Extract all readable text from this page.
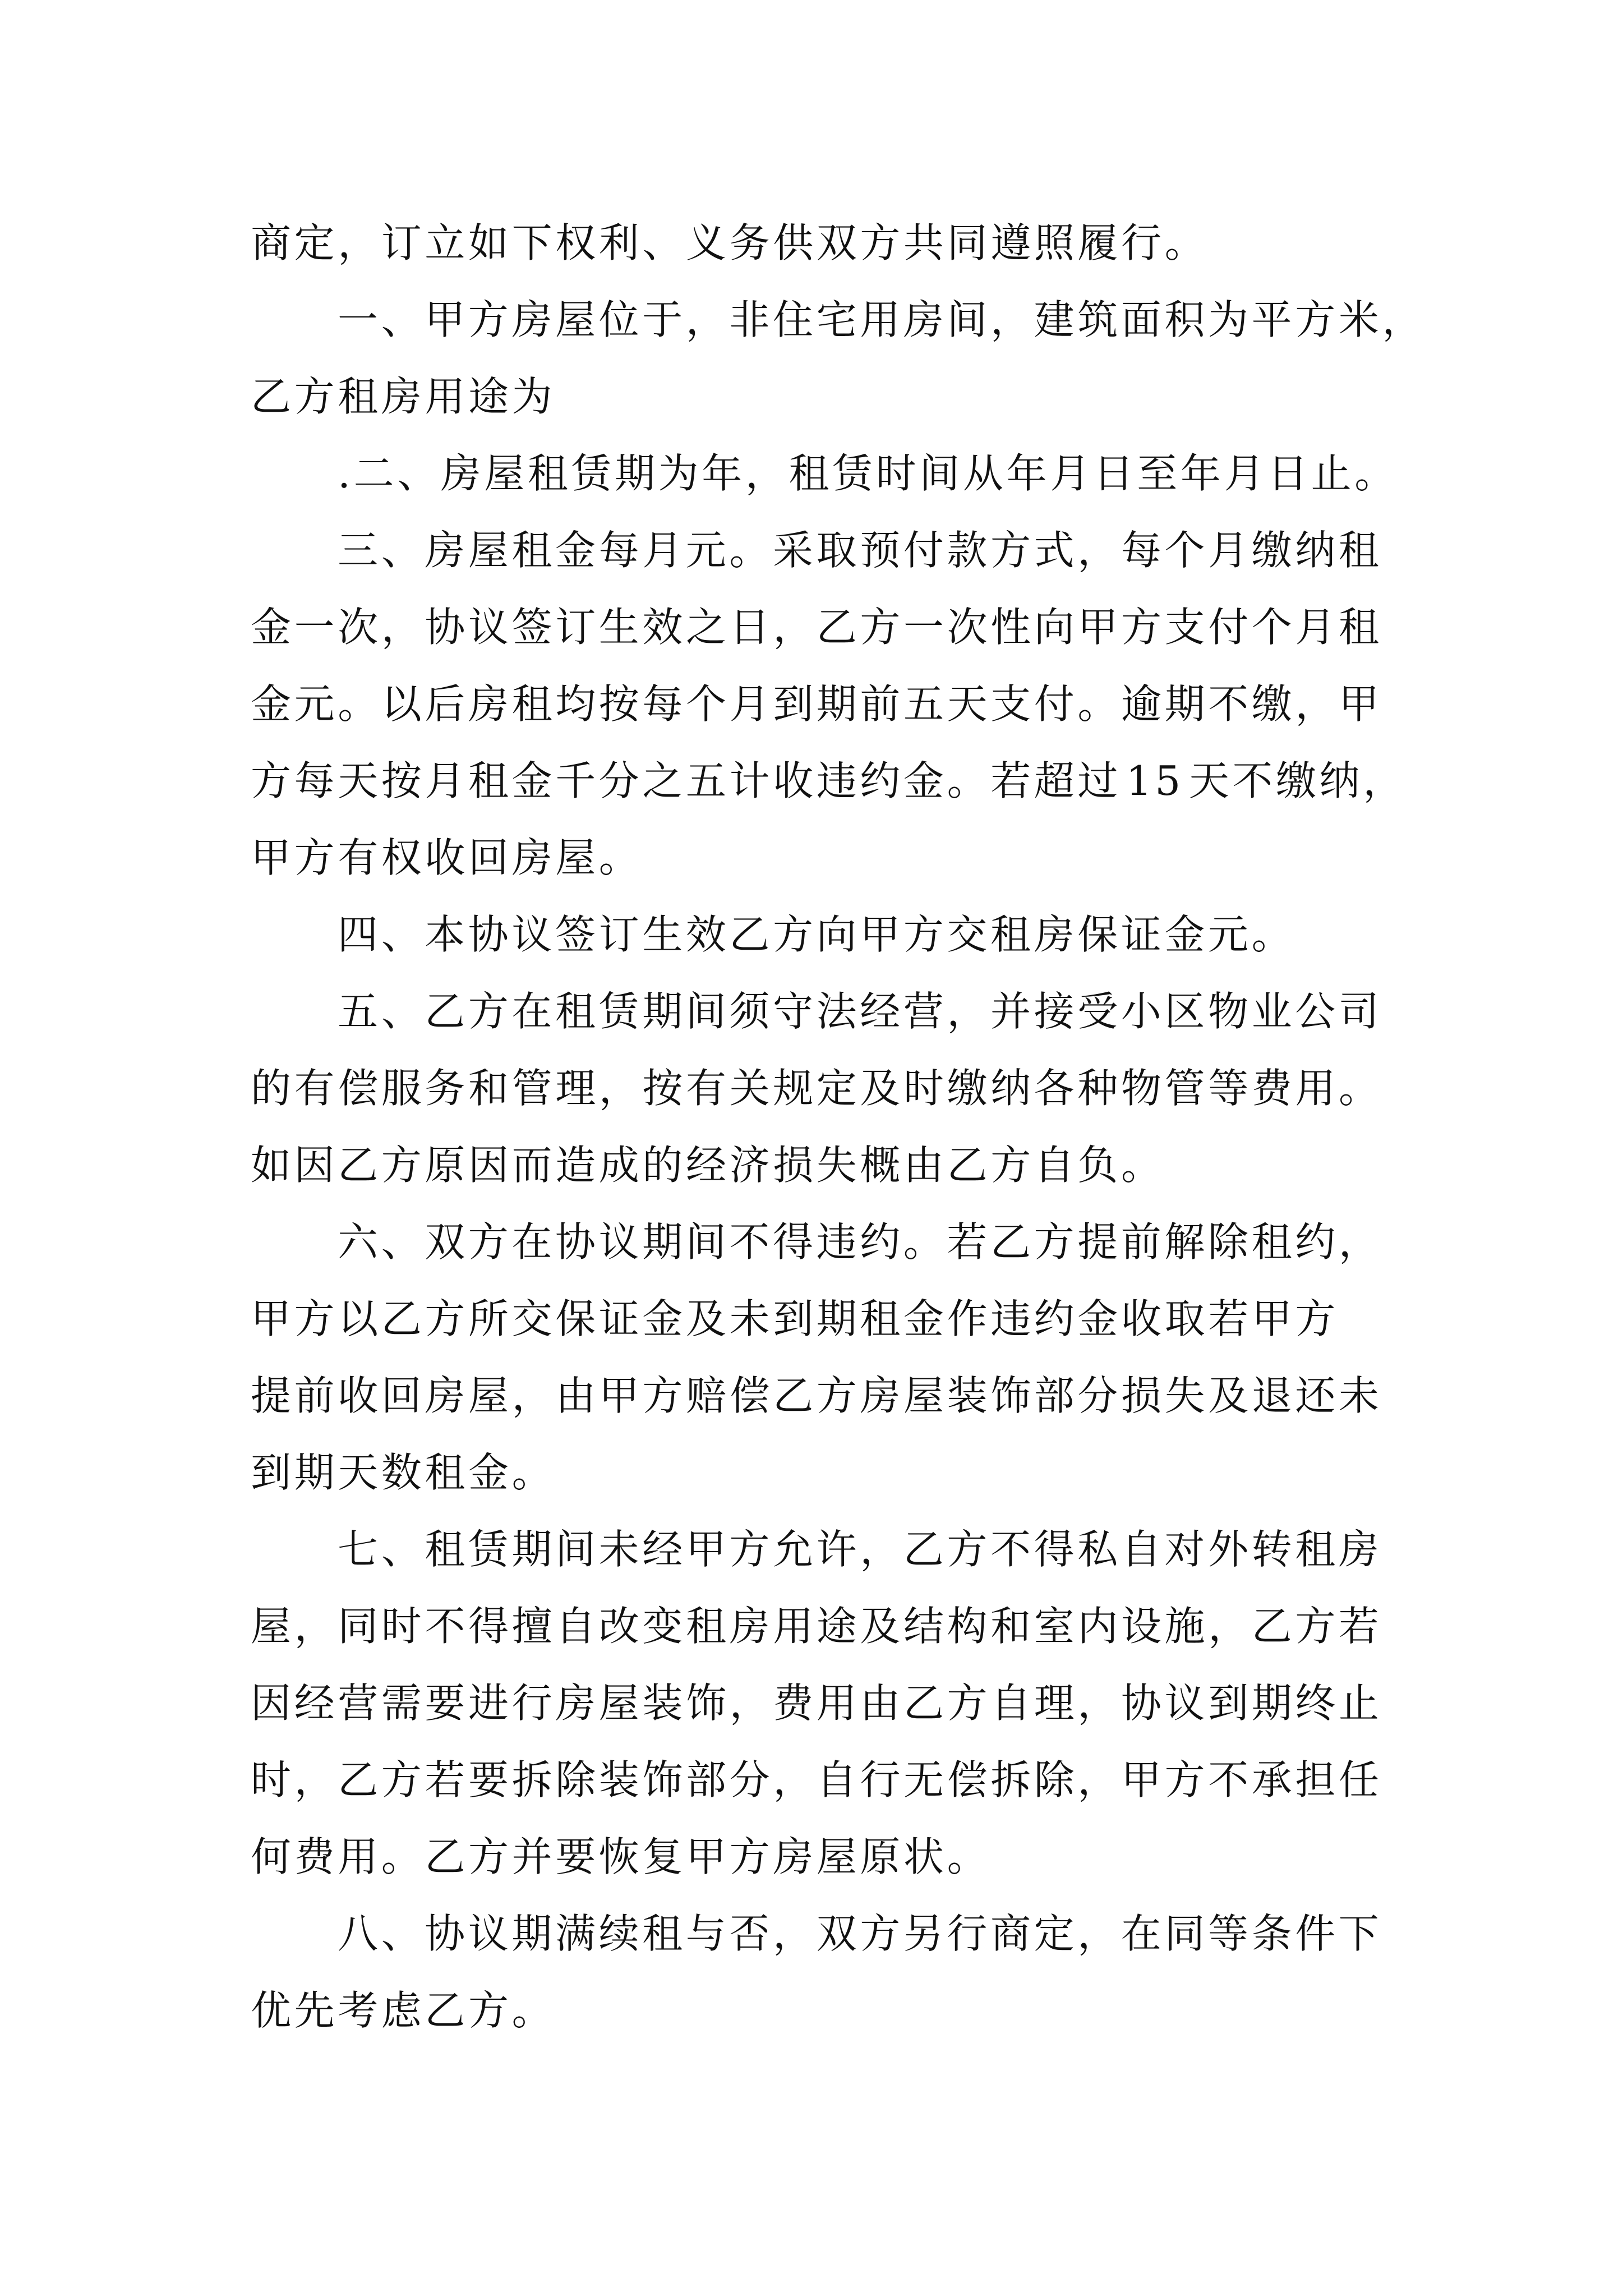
商定，订立如下权利、义务供双方共同遵照履行。
一、甲方房屋位于，非住宅用房间，建筑面积为平方米，
乙方租房用途为
.二、房屋租赁期为年，租赁时间从年月日至年月日止。
三、房屋租金每月元。采取预付款方式，每个月缴纳租
金一次，协议签订生效之日，乙方一次性向甲方支付个月租
金元。以后房租均按每个月到期前五天支付。逾期不缴，甲
方每天按月租金千分之五计收违约金。若超过15天不缴纳，
甲方有权收回房屋。
四、本协议签订生效乙方向甲方交租房保证金元。
五、乙方在租赁期间须守法经营，并接受小区物业公司
的有偿服务和管理，按有关规定及时缴纳各种物管等费用。
如因乙方原因而造成的经济损失概由乙方自负。
六、双方在协议期间不得违约。若乙方提前解除租约，
甲方以乙方所交保证金及未到期租金作违约金收取若甲方
提前收回房屋，由甲方赔偿乙方房屋装饰部分损失及退还未
到期天数租金。
七、租赁期间未经甲方允许，乙方不得私自对外转租房
屋，同时不得擅自改变租房用途及结构和室内设施，乙方若
因经营需要进行房屋装饰，费用由乙方自理，协议到期终止
时，乙方若要拆除装饰部分，自行无偿拆除，甲方不承担任
何费用。乙方并要恢复甲方房屋原状。
八、协议期满续租与否，双方另行商定，在同等条件下
优先考虑乙方。
